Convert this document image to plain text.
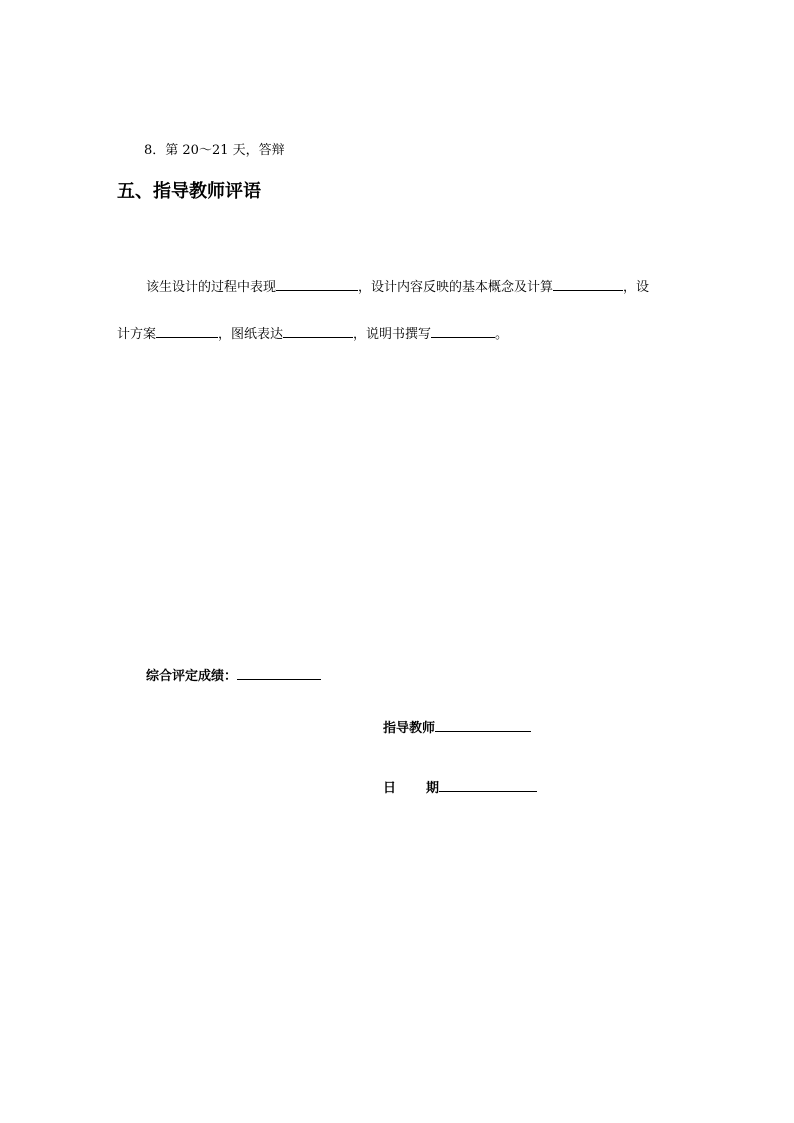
8．第 20～21 天，答辩
五、指导教师评语
该生设计的过程中表现	，设计内容反映的基本概念及计算	，设
计方案	，图纸表达	，说明书撰写	。
综合评定成绩：
指导教师
日 期
